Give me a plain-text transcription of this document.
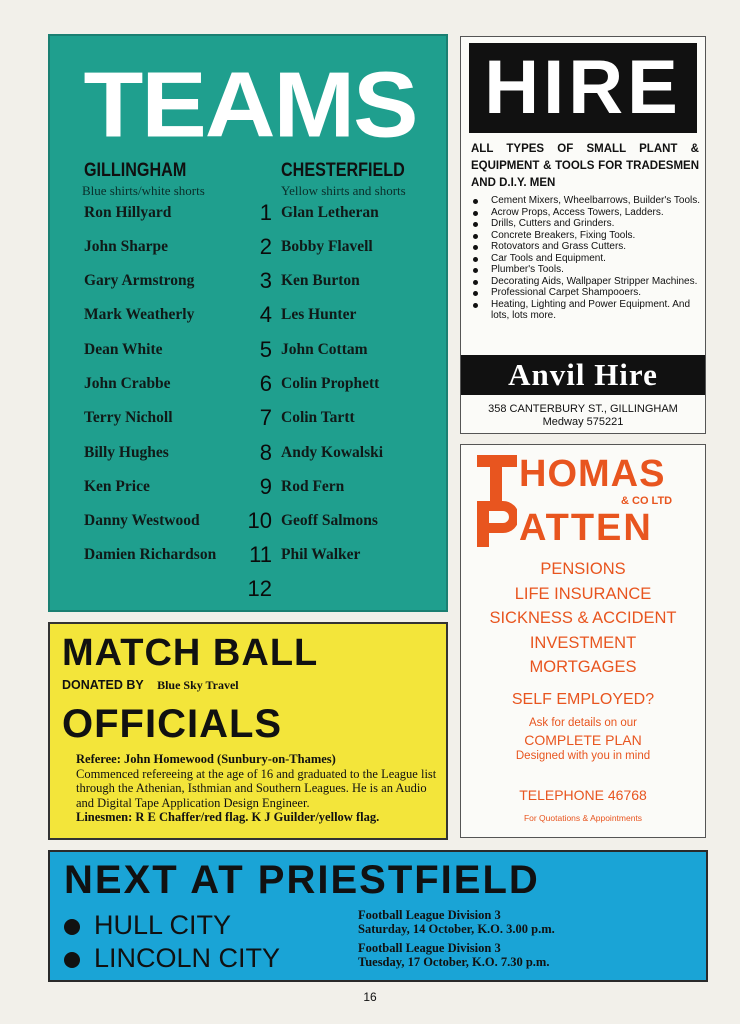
TEAMS
GILLINGHAM
Blue shirts/white shorts
CHESTERFIELD
Yellow shirts and shorts
Ron Hillyard	1 Glan Letheran
John Sharpe	2 Bobby Flavell
Gary Armstrong	3 Ken Burton
Mark Weatherly	4 Les Hunter
Dean White	5 John Cottam
John Crabbe	6 Colin Prophett
Terry Nicholl	7 Colin Tartt
Billy Hughes	8 Andy Kowalski
Ken Price	9 Rod Fern
Danny Westwood	10 Geoff Salmons
Damien Richardson	11 Phil Walker
12
MATCH BALL
DONATED BY Blue Sky Travel
OFFICIALS
Referee: John Homewood (Sunbury-on-Thames)
Commenced refereeing at the age of 16 and graduated to the League list through the Athenian, Isthmian and Southern Leagues. He is an Audio and Digital Tape Application Design Engineer.
Linesmen: R E Chaffer/red flag. K J Guilder/yellow flag.
NEXT AT PRIESTFIELD
HULL CITY	Football League Division 3
Saturday, 14 October, K.O. 3.00 p.m.
LINCOLN CITY	Football League Division 3
Tuesday, 17 October, K.O. 7.30 p.m.
HIRE
ALL TYPES OF SMALL PLANT & EQUIPMENT & TOOLS FOR TRADESMEN AND D.I.Y. MEN
Cement Mixers, Wheelbarrows, Builder's Tools.
Acrow Props, Access Towers, Ladders.
Drills, Cutters and Grinders.
Concrete Breakers, Fixing Tools.
Rotovators and Grass Cutters.
Car Tools and Equipment.
Plumber's Tools.
Decorating Aids, Wallpaper Stripper Machines.
Professional Carpet Shampooers.
Heating, Lighting and Power Equipment. And lots, lots more.
Anvil Hire
358 CANTERBURY ST., GILLINGHAM
Medway 575221
HOMAS
& CO LTD
ATTEN
PENSIONS
LIFE INSURANCE
SICKNESS & ACCIDENT
INVESTMENT
MORTGAGES
SELF EMPLOYED?
Ask for details on our
COMPLETE PLAN
Designed with you in mind
TELEPHONE 46768
For Quotations & Appointments
16
